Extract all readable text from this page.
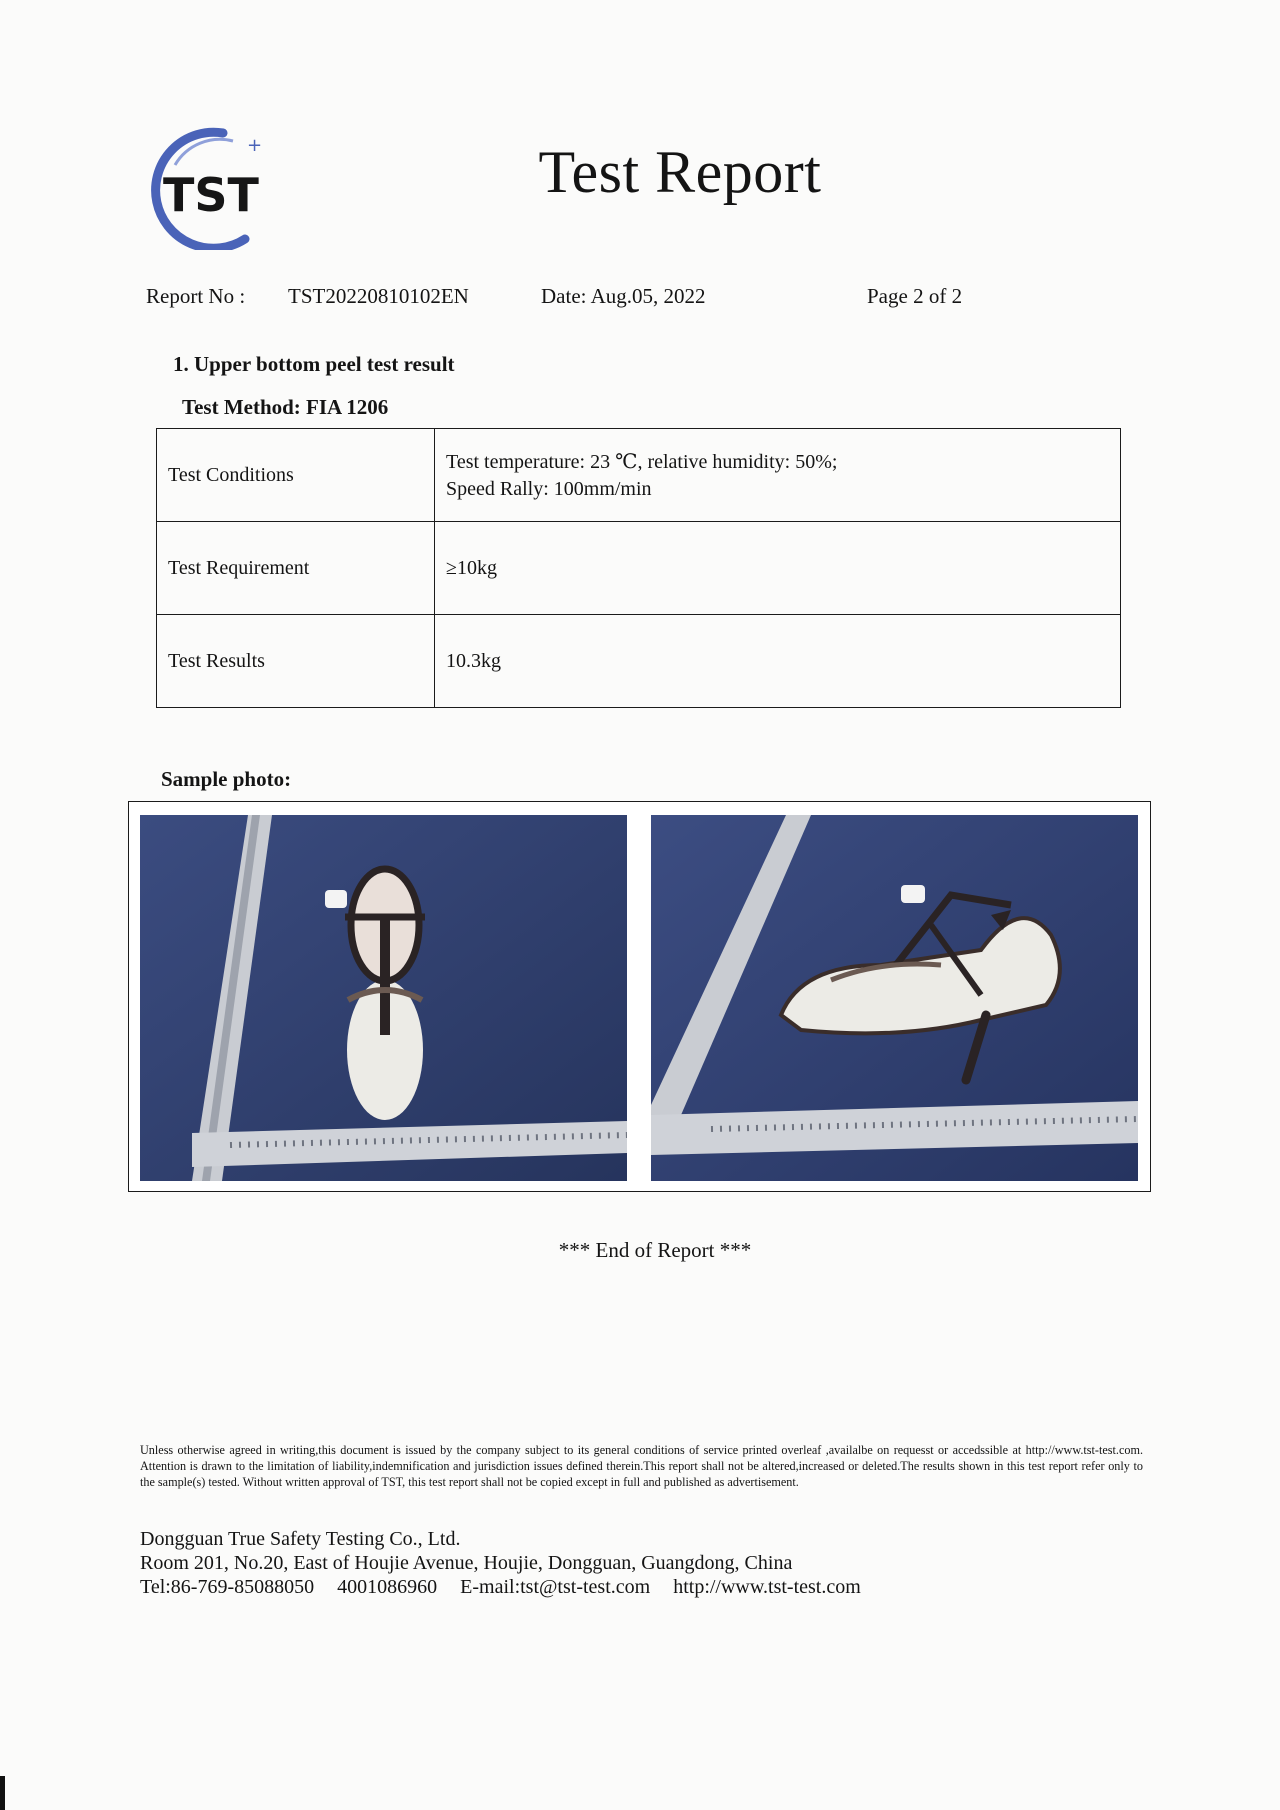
+
TST	Test Report
Report No : TST20220810102EN	Date: Aug.05, 2022	Page 2 of 2
1. Upper bottom peel test result
Test Method: FIA 1206
Test Conditions	Test temperature: 23 ℃, relative humidity: 50%;
Speed Rally: 100mm/min

Test Requirement	≥10kg
Test Results	10.3kg
Sample photo:
*** End of Report ***
Unless otherwise agreed in writing,this document is issued by the company subject to its general conditions of service printed overleaf ,availalbe on requesst or accedssible at http://www.tst-test.com. Attention is drawn to the limitation of liability,indemnification and jurisdiction issues defined therein.This report shall not be altered,increased or deleted.The results shown in this test report refer only to the sample(s) tested. Without written approval of TST, this test report shall not be copied except in full and published as advertisement.
Dongguan True Safety Testing Co., Ltd.
Room 201, No.20, East of Houjie Avenue, Houjie, Dongguan, Guangdong, China
Tel:86-769-85088050 4001086960 E-mail:tst@tst-test.com http://www.tst-test.com
